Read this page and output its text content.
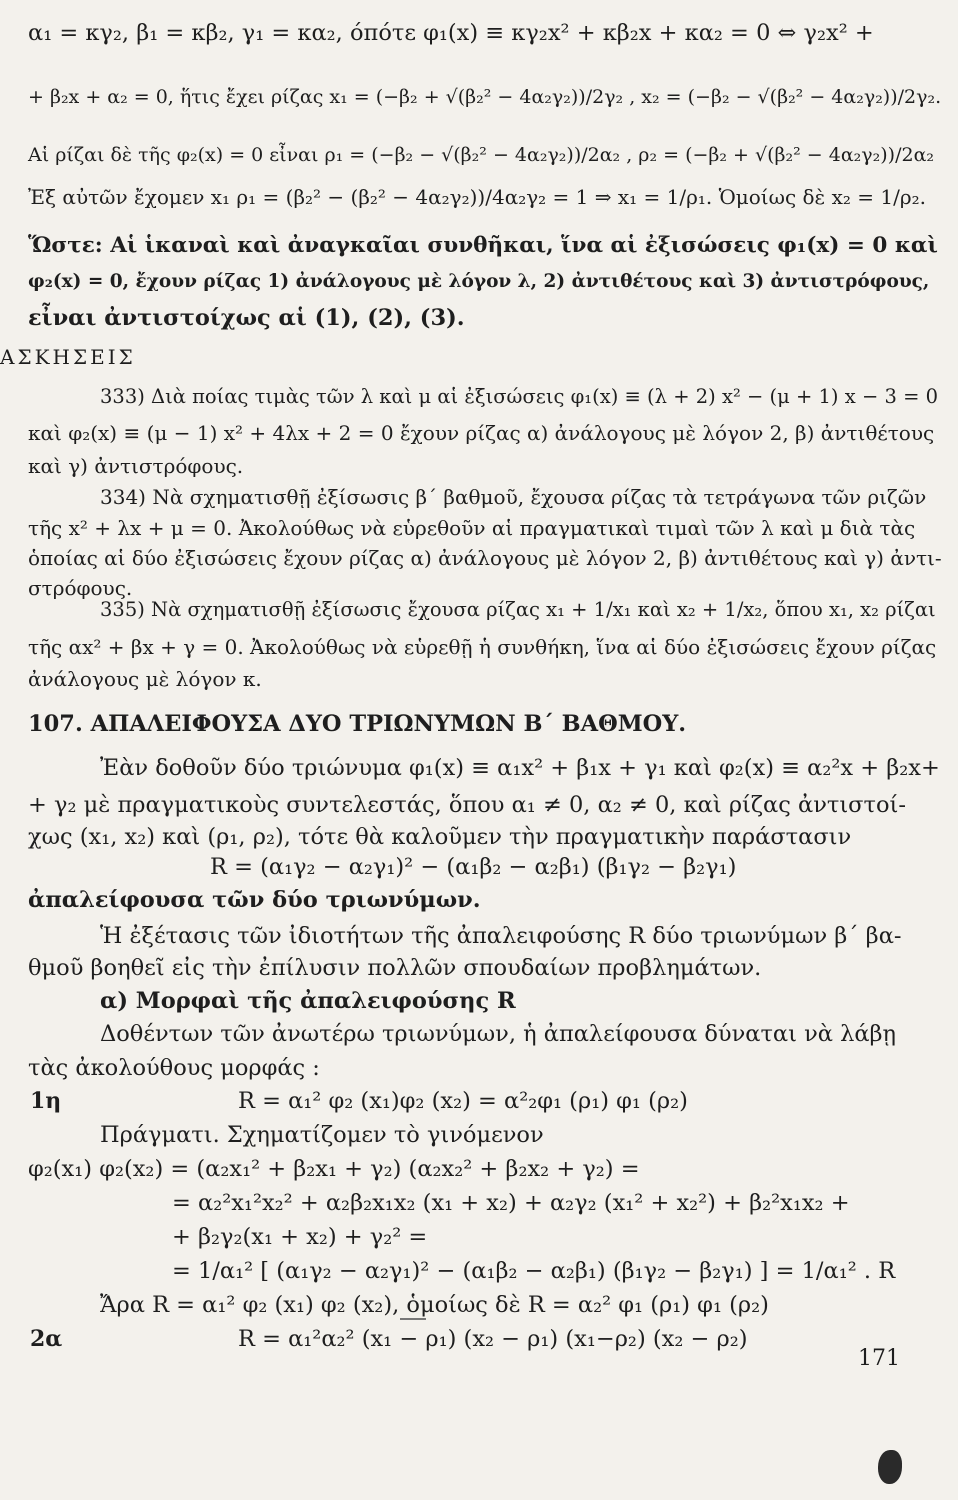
α₁ = κγ₂, β₁ = κβ₂, γ₁ = κα₂, όπότε φ₁(x) ≡ κγ₂x² + κβ₂x + κα₂ = 0 ⇔ γ₂x² +
+ β₂x + α₂ = 0, ἥτις ἔχει ρίζας x₁ = (−β₂ + √(β₂² − 4α₂γ₂))/2γ₂ , x₂ = (−β₂ − √(β₂² − 4α₂γ₂))/2γ₂.
Αἱ ρίζαι δὲ τῆς φ₂(x) = 0 εἶναι ρ₁ = (−β₂ − √(β₂² − 4α₂γ₂))/2α₂ , ρ₂ = (−β₂ + √(β₂² − 4α₂γ₂))/2α₂
Ἐξ αὐτῶν ἔχομεν x₁ ρ₁ = (β₂² − (β₂² − 4α₂γ₂))/4α₂γ₂ = 1 ⇒ x₁ = 1/ρ₁. Ὁμοίως δὲ x₂ = 1/ρ₂.
Ὥστε: Αἱ ἱκαναὶ καὶ ἀναγκαῖαι συνθῆκαι, ἵνα αἱ ἐξισώσεις φ₁(x) = 0 καὶ
φ₂(x) = 0, ἔχουν ρίζας 1) ἀνάλογους μὲ λόγον λ, 2) ἀντιθέτους καὶ 3) ἀντιστρόφους,
εἶναι ἀντιστοίχως αἱ (1), (2), (3).
ΑΣΚΗΣΕΙΣ
333) Διὰ ποίας τιμὰς τῶν λ καὶ μ αἱ ἐξισώσεις φ₁(x) ≡ (λ + 2) x² − (μ + 1) x − 3 = 0
καὶ φ₂(x) ≡ (μ − 1) x² + 4λx + 2 = 0 ἔχουν ρίζας α) ἀνάλογους μὲ λόγον 2, β) ἀντιθέτους
καὶ γ) ἀντιστρόφους.
334) Νὰ σχηματισθῇ ἐξίσωσις β΄ βαθμοῦ, ἔχουσα ρίζας τὰ τετράγωνα τῶν ριζῶν
τῆς x² + λx + μ = 0. Ἀκολούθως νὰ εὑρεθοῦν αἱ πραγματικαὶ τιμαὶ τῶν λ καὶ μ διὰ τὰς
ὁποίας αἱ δύο ἐξισώσεις ἔχουν ρίζας α) ἀνάλογους μὲ λόγον 2, β) ἀντιθέτους καὶ γ) ἀντι-
στρόφους.
335) Νὰ σχηματισθῇ ἐξίσωσις ἔχουσα ρίζας x₁ + 1/x₁ καὶ x₂ + 1/x₂, ὅπου x₁, x₂ ρίζαι
τῆς αx² + βx + γ = 0. Ἀκολούθως νὰ εὑρεθῇ ἡ συνθήκη, ἵνα αἱ δύο ἐξισώσεις ἔχουν ρίζας
ἀνάλογους μὲ λόγον κ.
107. ΑΠΑΛΕΙΦΟΥΣΑ ΔΥΟ ΤΡΙΩΝΥΜΩΝ Β΄ ΒΑΘΜΟΥ.
Ἐὰν δοθοῦν δύο τριώνυμα φ₁(x) ≡ α₁x² + β₁x + γ₁ καὶ φ₂(x) ≡ α₂²x + β₂x+
+ γ₂ μὲ πραγματικοὺς συντελεστάς, ὅπου α₁ ≠ 0, α₂ ≠ 0, καὶ ρίζας ἀντιστοί-
χως (x₁, x₂) καὶ (ρ₁, ρ₂), τότε θὰ καλοῦμεν τὴν πραγματικὴν παράστασιν
R = (α₁γ₂ − α₂γ₁)² − (α₁β₂ − α₂β₁) (β₁γ₂ − β₂γ₁)
ἀπαλείφουσα τῶν δύο τριωνύμων.
Ἡ ἐξέτασις τῶν ἰδιοτήτων τῆς ἀπαλειφούσης R δύο τριωνύμων β΄ βα-
θμοῦ βοηθεῖ εἰς τὴν ἐπίλυσιν πολλῶν σπουδαίων προβλημάτων.
α) Μορφαὶ τῆς ἀπαλειφούσης R
Δοθέντων τῶν ἀνωτέρω τριωνύμων, ἡ ἀπαλείφουσα δύναται νὰ λάβῃ
τὰς ἀκολούθους μορφάς :
1η	R = α₁² φ₂ (x₁)φ₂ (x₂) = α²₂φ₁ (ρ₁) φ₁ (ρ₂)
Πράγματι. Σχηματίζομεν τὸ γινόμενον
φ₂(x₁) φ₂(x₂) = (α₂x₁² + β₂x₁ + γ₂) (α₂x₂² + β₂x₂ + γ₂) =
= α₂²x₁²x₂² + α₂β₂x₁x₂ (x₁ + x₂) + α₂γ₂ (x₁² + x₂²) + β₂²x₁x₂ +
+ β₂γ₂(x₁ + x₂) + γ₂² =
= 1/α₁² [ (α₁γ₂ − α₂γ₁)² − (α₁β₂ − α₂β₁) (β₁γ₂ − β₂γ₁) ] = 1/α₁² . R
Ἄρα R = α₁² φ₂ (x₁) φ₂ (x₂), ὁμοίως δὲ R = α₂² φ₁ (ρ₁) φ₁ (ρ₂)
2α	R = α₁²α₂² (x₁ − ρ₁) (x₂ − ρ₁) (x₁−ρ₂) (x₂ − ρ₂)
171
